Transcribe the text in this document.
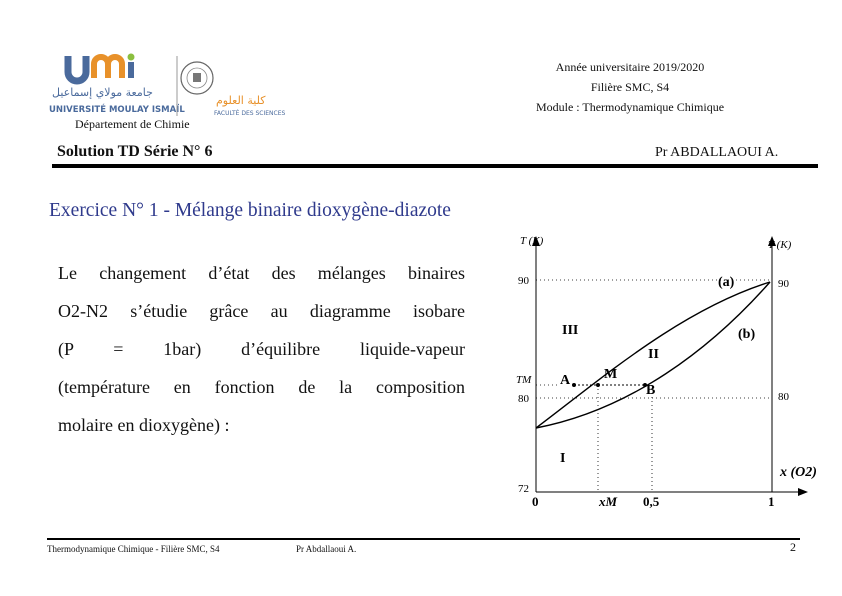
جامعة مولاي إسماعيل
UNIVERSITÉ MOULAY ISMAÏL
كلية العلوم
FACULTÉ DES SCIENCES
Département de Chimie
Année universitaire 2019/2020
Filière SMC, S4
Module : Thermodynamique Chimique
Solution TD Série N° 6	Pr ABDALLAOUI A.
Exercice N° 1 - Mélange binaire dioxygène-diazote
Le changement d’état des mélanges binaires
O2-N2 s’étudie grâce au diagramme isobare
(P = 1bar) d’équilibre liquide-vapeur
(température en fonction de la composition
molaire en dioxygène) :
T (K)	T (K)
90
80
72
90
80
TM
x (O2)
0	xM 0,5	1
(a)
(b)
III
II
I
A M
B
Thermodynamique Chimique - Filière SMC, S4	Pr Abdallaoui A.	2
